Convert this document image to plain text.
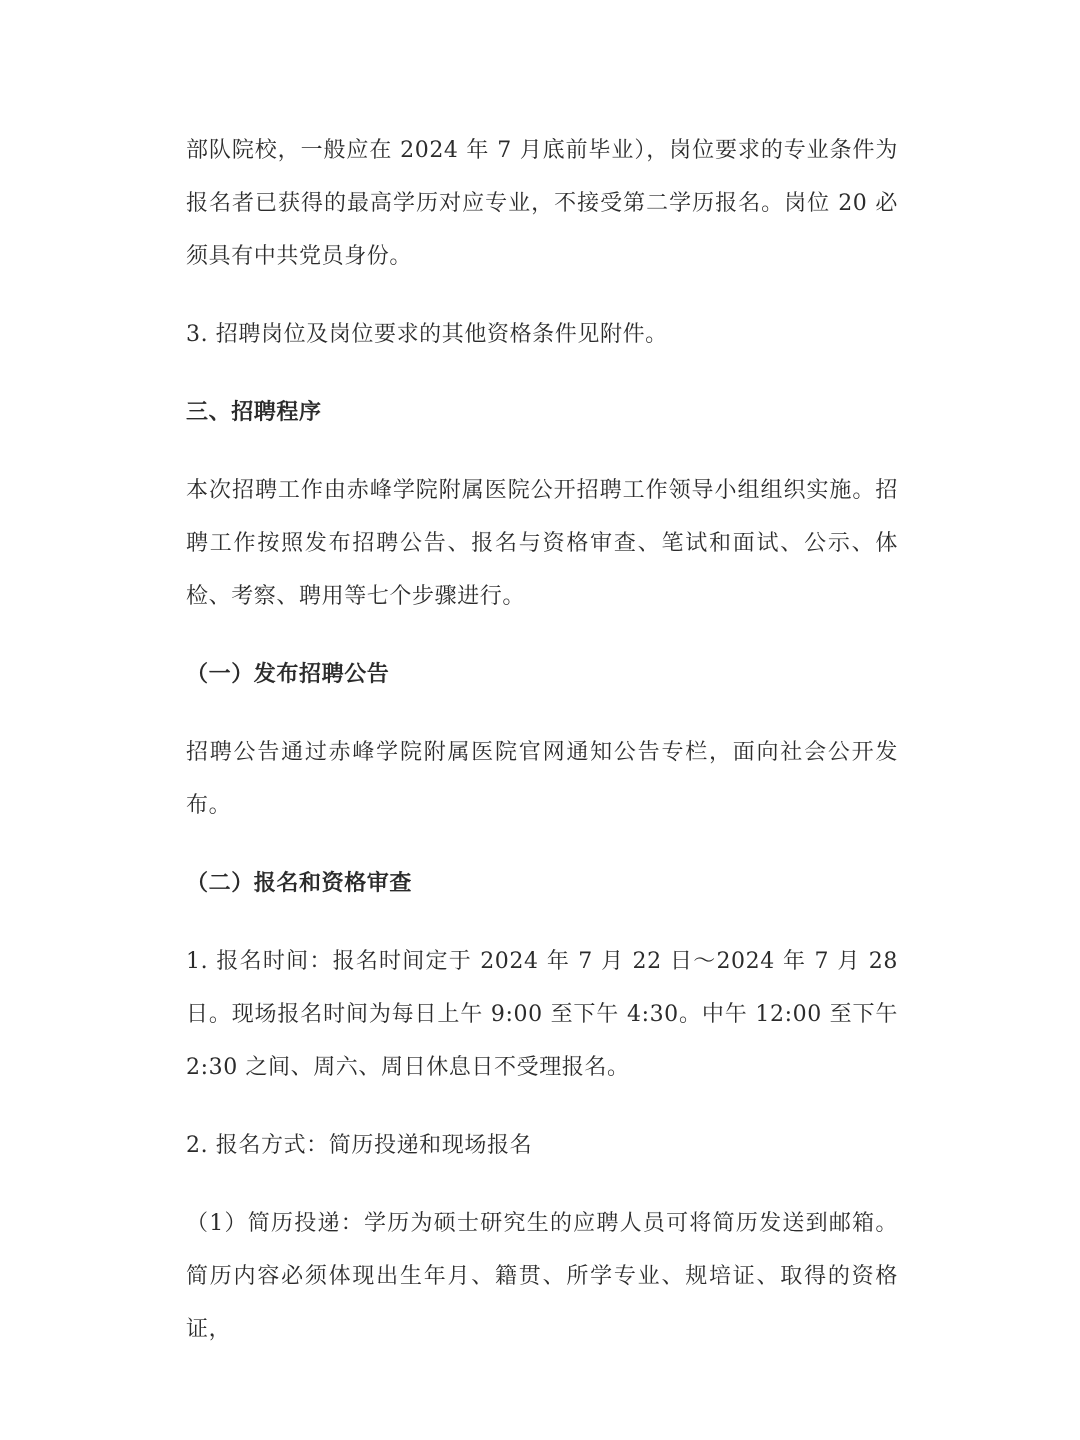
部队院校，一般应在 2024 年 7 月底前毕业），岗位要求的专业条件为报名者已获得的最高学历对应专业，不接受第二学历报名。岗位 20 必须具有中共党员身份。

3. 招聘岗位及岗位要求的其他资格条件见附件。

三、招聘程序

本次招聘工作由赤峰学院附属医院公开招聘工作领导小组组织实施。招聘工作按照发布招聘公告、报名与资格审查、笔试和面试、公示、体检、考察、聘用等七个步骤进行。

（一）发布招聘公告

招聘公告通过赤峰学院附属医院官网通知公告专栏，面向社会公开发布。

（二）报名和资格审查

1. 报名时间：报名时间定于 2024 年 7 月 22 日～2024 年 7 月 28 日。现场报名时间为每日上午 9:00 至下午 4:30。中午 12:00 至下午 2:30 之间、周六、周日休息日不受理报名。

2. 报名方式：简历投递和现场报名

（1）简历投递：学历为硕士研究生的应聘人员可将简历发送到邮箱。简历内容必须体现出生年月、籍贯、所学专业、规培证、取得的资格证，
